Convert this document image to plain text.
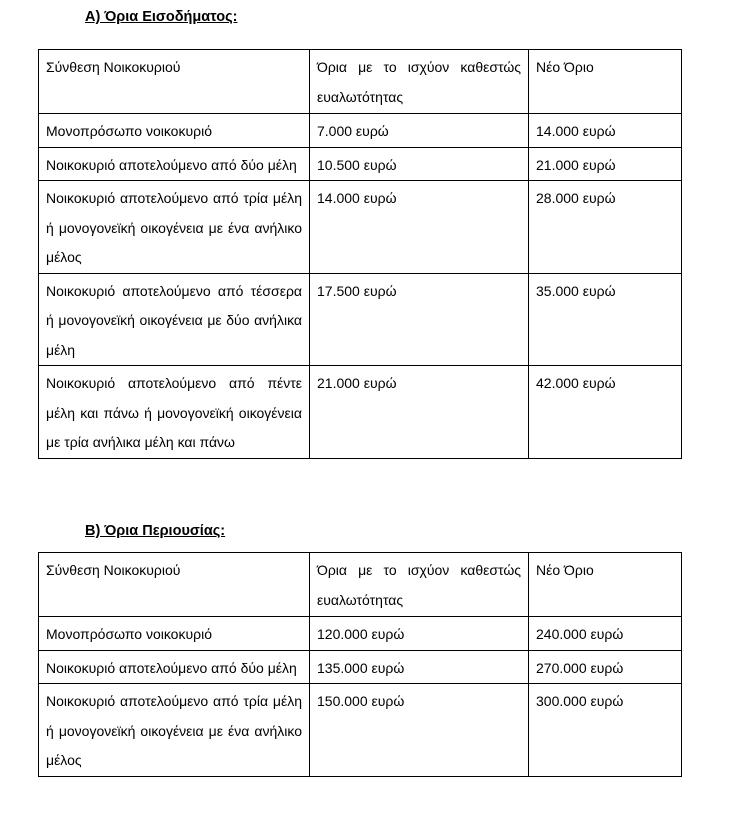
Α) Όρια Εισοδήματος:
Σύνθεση Νοικοκυριού	Όρια με το ισχύον καθεστώς ευαλωτότητας	Νέο Όριο
Μονοπρόσωπο νοικοκυριό	7.000 ευρώ	14.000 ευρώ
Νοικοκυριό αποτελούμενο από δύο μέλη	10.500 ευρώ	21.000 ευρώ
Νοικοκυριό αποτελούμενο από τρία μέλη ή μονογονεϊκή οικογένεια με ένα ανήλικο μέλος	14.000 ευρώ	28.000 ευρώ
Νοικοκυριό αποτελούμενο από τέσσερα ή μονογονεϊκή οικογένεια με δύο ανήλικα μέλη	17.500 ευρώ	35.000 ευρώ
Νοικοκυριό αποτελούμενο από πέντε μέλη και πάνω ή μονογονεϊκή οικογένεια με τρία ανήλικα μέλη και πάνω	21.000 ευρώ	42.000 ευρώ
Β) Όρια Περιουσίας:
Σύνθεση Νοικοκυριού	Όρια με το ισχύον καθεστώς ευαλωτότητας	Νέο Όριο
Μονοπρόσωπο νοικοκυριό	120.000 ευρώ	240.000 ευρώ
Νοικοκυριό αποτελούμενο από δύο μέλη	135.000 ευρώ	270.000 ευρώ
Νοικοκυριό αποτελούμενο από τρία μέλη ή μονογονεϊκή οικογένεια με ένα ανήλικο μέλος	150.000 ευρώ	300.000 ευρώ
